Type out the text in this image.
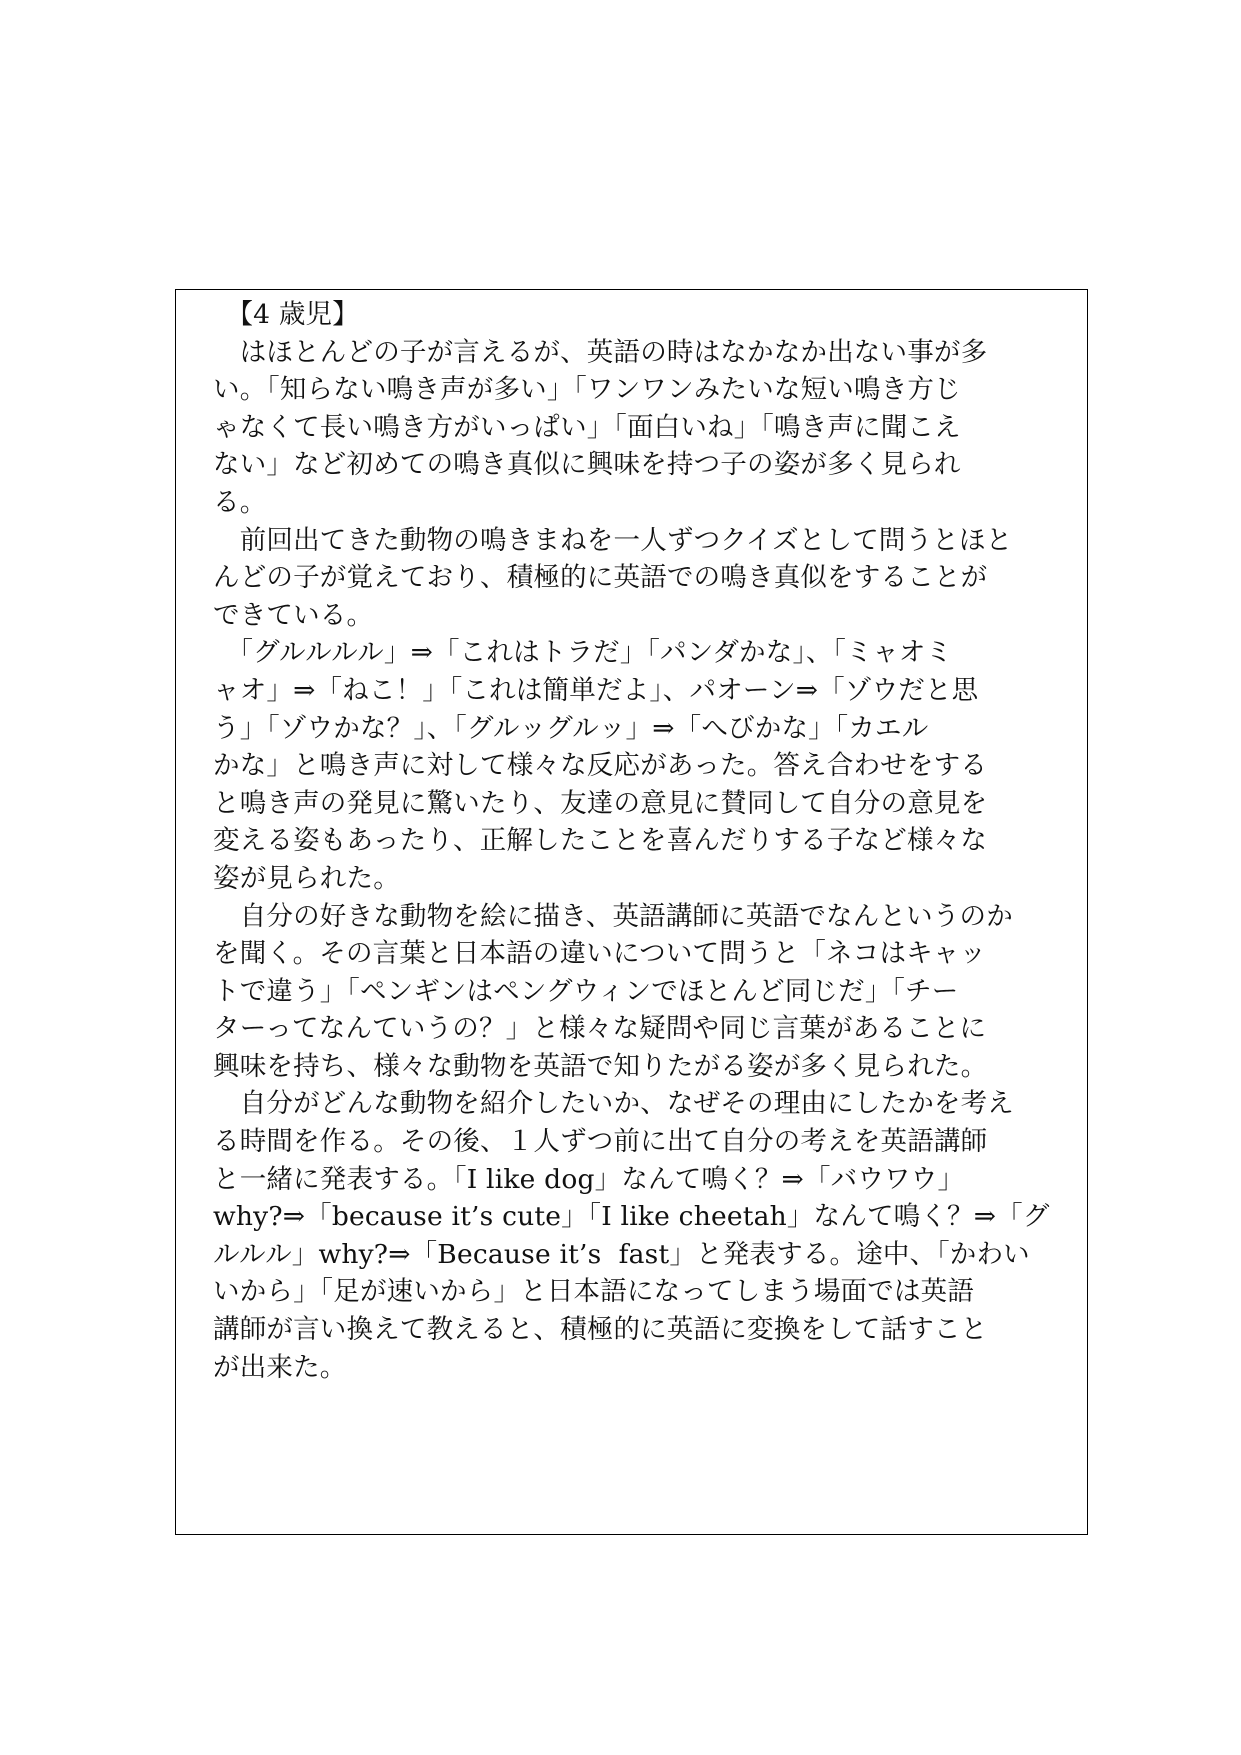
　【4 歳児】
　はほとんどの子が言えるが、英語の時はなかなか出ない事が多
い。「知らない鳴き声が多い」「ワンワンみたいな短い鳴き方じ
ゃなくて長い鳴き方がいっぱい」「面白いね」「鳴き声に聞こえ
ない」など初めての鳴き真似に興味を持つ子の姿が多く見られ
る。
　前回出てきた動物の鳴きまねを一人ずつクイズとして問うとほと
んどの子が覚えており、積極的に英語での鳴き真似をすることが
できている。
　「グルルルル」⇒「これはトラだ」「パンダかな」、「ミャオミ
ャオ」⇒「ねこ！」「これは簡単だよ」、パオーン⇒「ゾウだと思
う」「ゾウかな？」、「グルッグルッ」⇒「へびかな」「カエル
かな」と鳴き声に対して様々な反応があった。答え合わせをする
と鳴き声の発見に驚いたり、友達の意見に賛同して自分の意見を
変える姿もあったり、正解したことを喜んだりする子など様々な
姿が見られた。
　自分の好きな動物を絵に描き、英語講師に英語でなんというのか
を聞く。その言葉と日本語の違いについて問うと「ネコはキャッ
トで違う」「ペンギンはペングウィンでほとんど同じだ」「チー
ターってなんていうの？」と様々な疑問や同じ言葉があることに
興味を持ち、様々な動物を英語で知りたがる姿が多く見られた。
　自分がどんな動物を紹介したいか、なぜその理由にしたかを考え
る時間を作る。その後、１人ずつ前に出て自分の考えを英語講師
と一緒に発表する。「I like dog」なんて鳴く？⇒「バウワウ」
why?⇒「because it’s cute」「I like cheetah」なんて鳴く？⇒「グ
ルルル」why?⇒「Because it’s  fast」と発表する。途中、「かわい
いから」「足が速いから」と日本語になってしまう場面では英語
講師が言い換えて教えると、積極的に英語に変換をして話すこと
が出来た。
